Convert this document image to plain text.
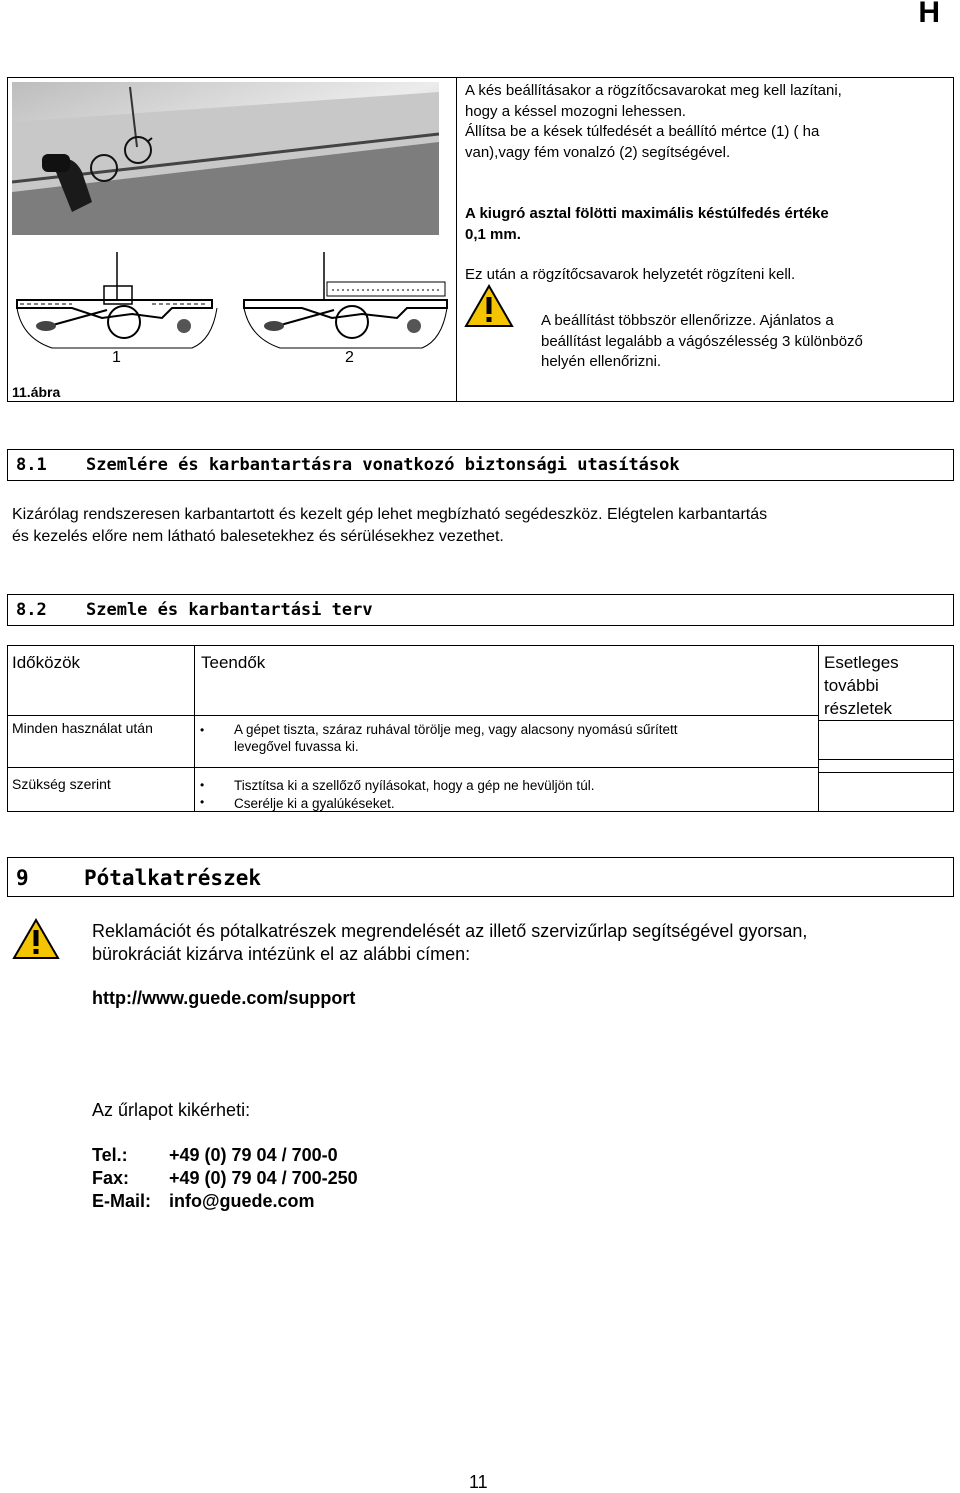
H
1	2
11.ábra
A kés beállításakor a rögzítőcsavarokat meg kell lazítani,
hogy a késsel mozogni lehessen.
Állítsa be a kések túlfedését a beállító mértce (1) ( ha
van),vagy fém vonalzó (2) segítségével.
A kiugró asztal fölötti maximális késtúlfedés értéke
0,1 mm.
Ez után a rögzítőcsavarok helyzetét rögzíteni kell.
A beállítást többször ellenőrizze. Ajánlatos a
beállítást legalább a vágószélesség 3 különböző
helyén ellenőrizni.
8.1 Szemlére és karbantartásra vonatkozó biztonsági utasítások
Kizárólag rendszeresen karbantartott és kezelt gép lehet megbízható segédeszköz. Elégtelen karbantartás
és kezelés előre nem látható balesetekhez és sérülésekhez vezethet.
8.2 Szemle és karbantartási terv
Időközök	Teendők	Esetleges
további
részletek
Minden használat után	• A gépet tiszta, száraz ruhával törölje meg, vagy alacsony nyomású sűrített
levegővel fuvassa ki.
Szükség szerint	• Tisztítsa ki a szellőző nyílásokat, hogy a gép ne hevüljön túl.
• Cserélje ki a gyalúkéseket.
9	Pótalkatrészek
Reklamációt és pótalkatrészek megrendelését az illető szervizűrlap segítségével gyorsan,
bürokráciát kizárva intézünk el az alábbi címen:
http://www.guede.com/support
Az űrlapot kikérheti:
Tel.: +49 (0) 79 04 / 700-0
Fax: +49 (0) 79 04 / 700-250
E-Mail: info@guede.com
11
